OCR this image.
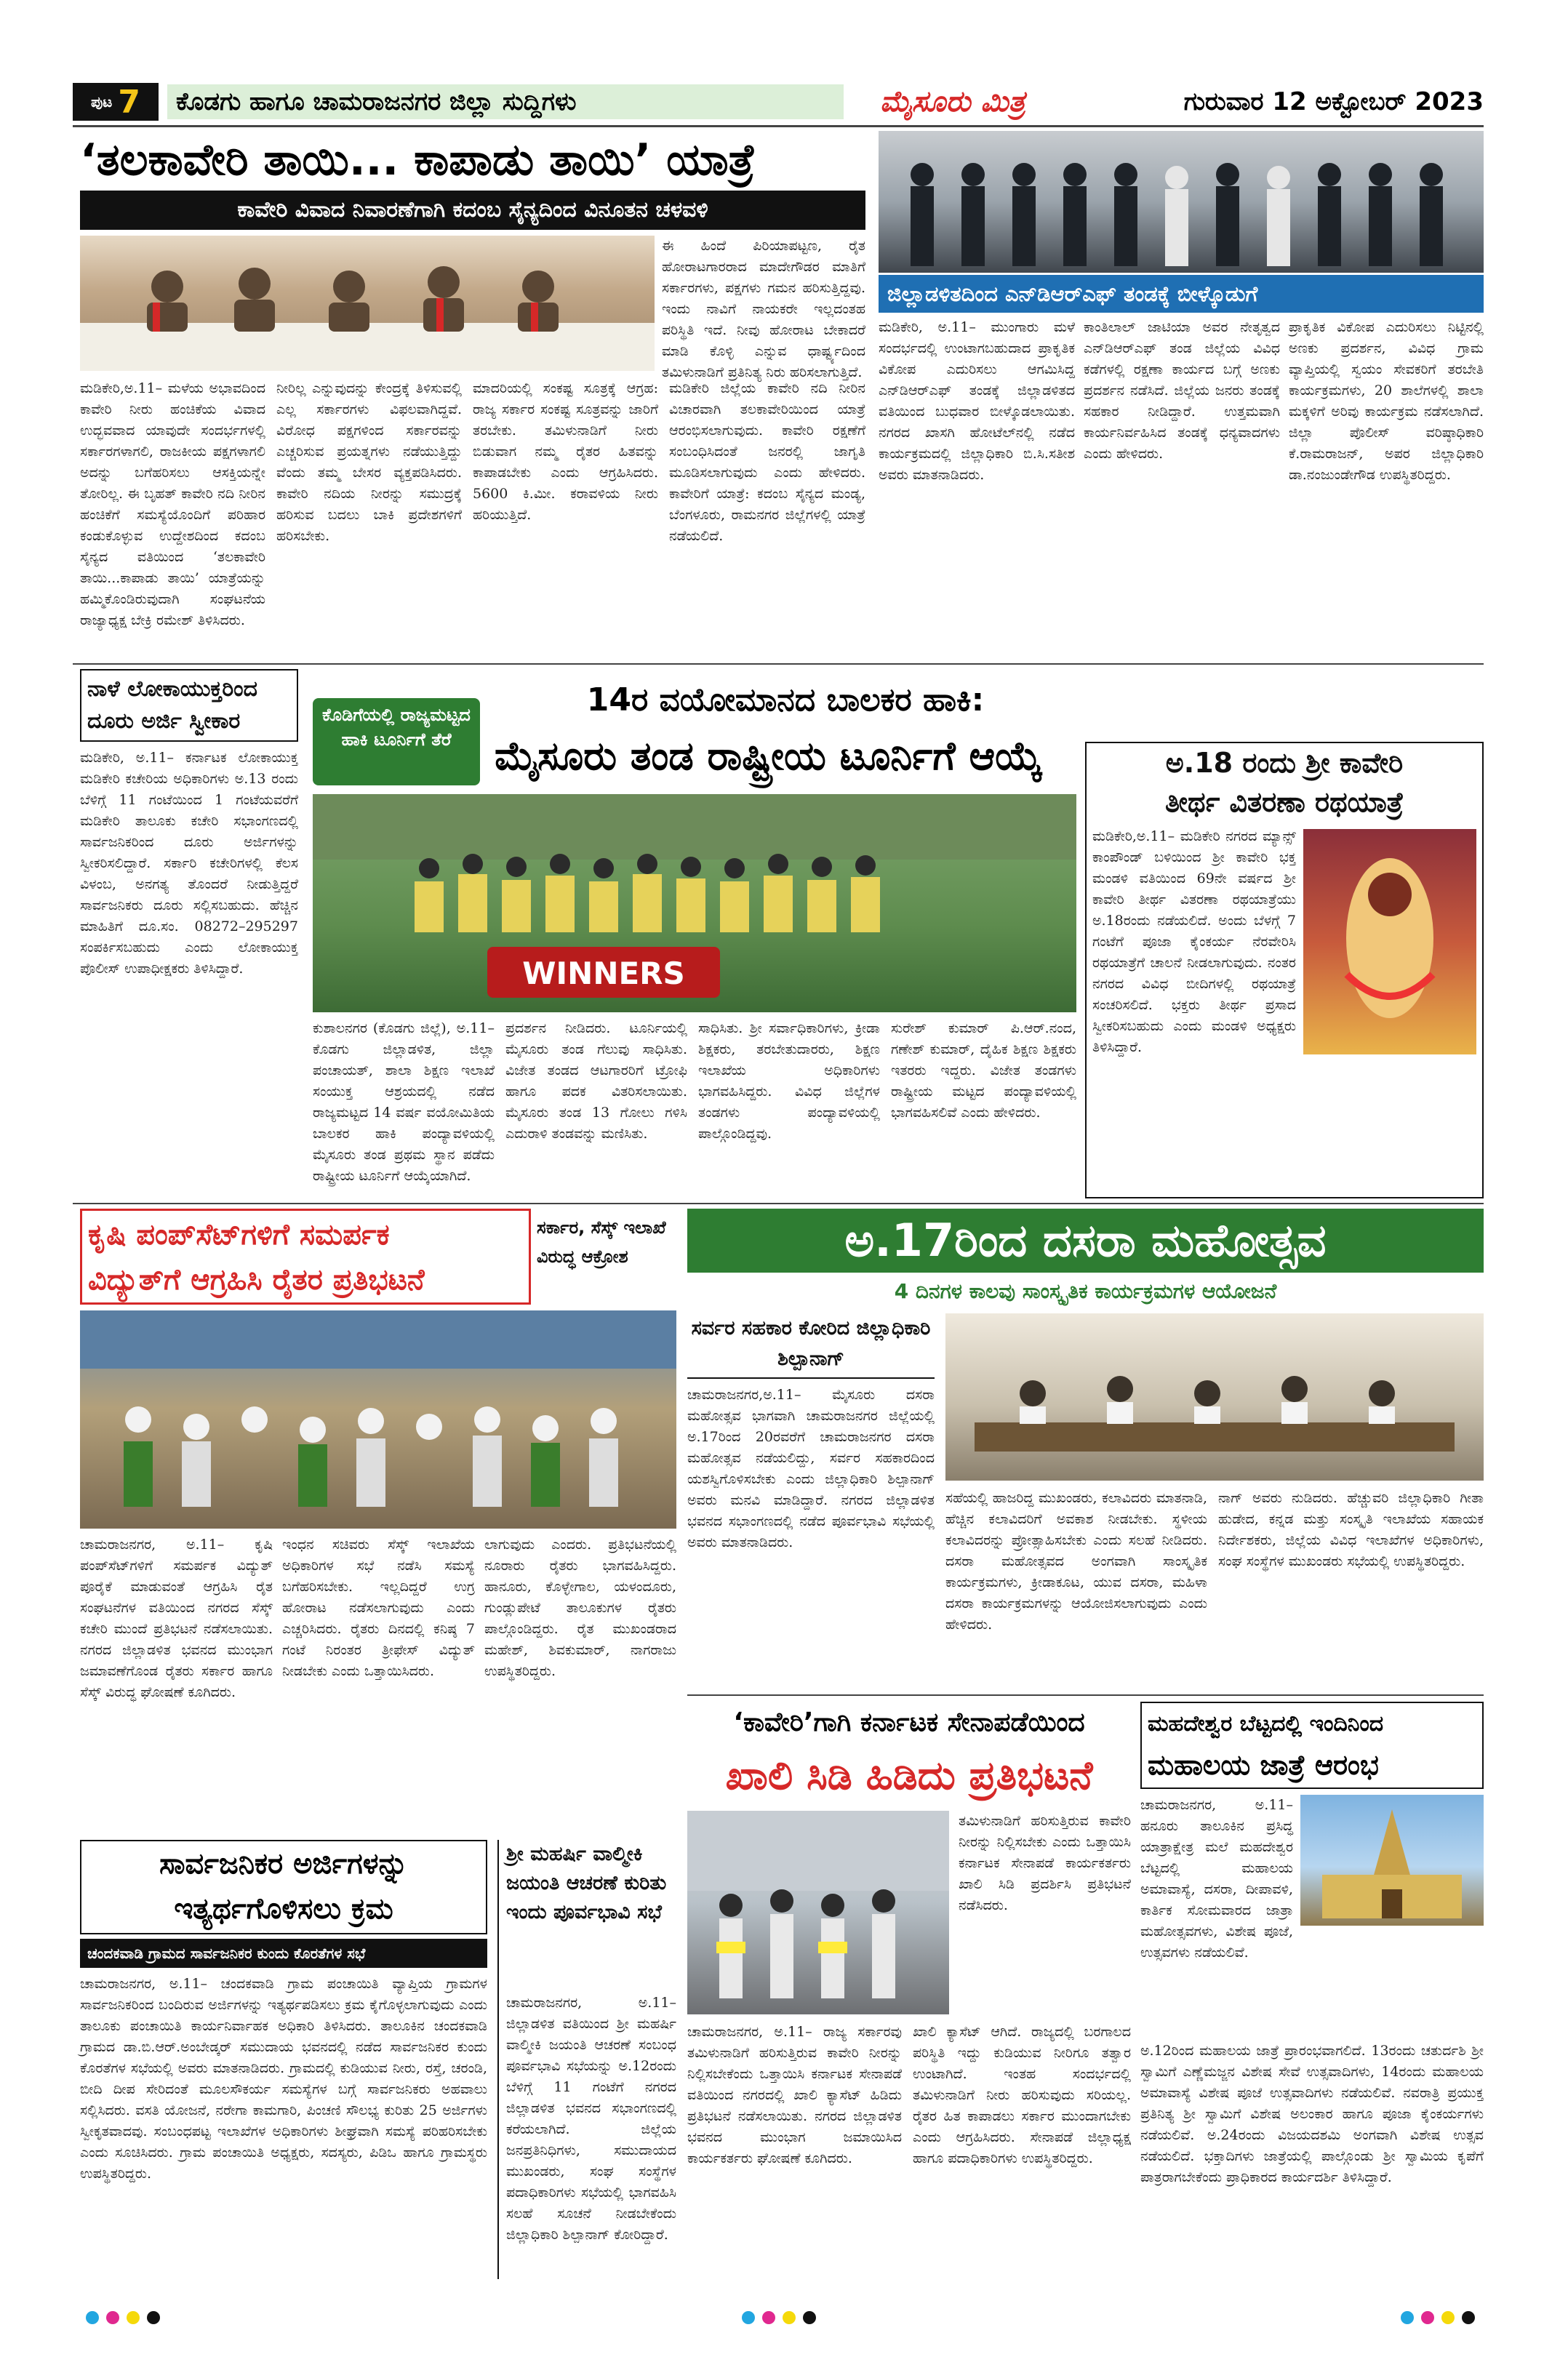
ಪುಟ 7	ಕೊಡಗು ಹಾಗೂ ಚಾಮರಾಜನಗರ ಜಿಲ್ಲಾ ಸುದ್ದಿಗಳು	ಮೈಸೂರು ಮಿತ್ರ	ಗುರುವಾರ 12 ಅಕ್ಟೋಬರ್ 2023
‘ತಲಕಾವೇರಿ ತಾಯಿ... ಕಾಪಾಡು ತಾಯಿ’ ಯಾತ್ರೆ
ಕಾವೇರಿ ವಿವಾದ ನಿವಾರಣೆಗಾಗಿ ಕದಂಬ ಸೈನ್ಯದಿಂದ ವಿನೂತನ ಚಳವಳಿ
ಈ ಹಿಂದೆ ಪಿರಿಯಾಪಟ್ಟಣ, ರೈತ ಹೋರಾಟಗಾರರಾದ ಮಾದೇಗೌಡರ ಮಾತಿಗೆ ಸರ್ಕಾರಗಳು, ಪಕ್ಷಗಳು ಗಮನ ಹರಿಸುತ್ತಿದ್ದವು. ಇಂದು ನಾವಿಗೆ ನಾಯಕರೇ ಇಲ್ಲದಂತಹ ಪರಿಸ್ಥಿತಿ ಇದೆ. ನೀವು ಹೋರಾಟ ಬೇಕಾದರೆ ಮಾಡಿ ಕೊಳ್ಳಿ ಎನ್ನುವ ಧಾರ್ಷ್ಟ್ಯದಿಂದ ತಮಿಳುನಾಡಿಗೆ ಪ್ರತಿನಿತ್ಯ ನಿರು ಹರಿಸಲಾಗುತ್ತಿದೆ.
ಮಡಿಕೇರಿ,ಅ.11– ಮಳೆಯ ಅಭಾವದಿಂದ ಕಾವೇರಿ ನೀರು ಹಂಚಿಕೆಯ ವಿವಾದ ಉದ್ಭವವಾದ ಯಾವುದೇ ಸಂದರ್ಭಗಳಲ್ಲಿ ಸರ್ಕಾರಗಳಾಗಲಿ, ರಾಜಕೀಯ ಪಕ್ಷಗಳಾಗಲಿ ಅದನ್ನು ಬಗೆಹರಿಸಲು ಆಸಕ್ತಿಯನ್ನೇ ತೋರಿಲ್ಲ. ಈ ಬೃಹತ್ ಕಾವೇರಿ ನದಿ ನೀರಿನ ಹಂಚಿಕೆಗೆ ಸಮಸ್ಯೆಯೊಂದಿಗೆ ಪರಿಹಾರ ಕಂಡುಕೊಳ್ಳುವ ಉದ್ದೇಶದಿಂದ ಕದಂಬ ಸೈನ್ಯದ ವತಿಯಿಂದ ‘ತಲಕಾವೇರಿ ತಾಯಿ...ಕಾಪಾಡು ತಾಯಿ’ ಯಾತ್ರೆಯನ್ನು ಹಮ್ಮಿಕೊಂಡಿರುವುದಾಗಿ ಸಂಘಟನೆಯ ರಾಜ್ಯಾಧ್ಯಕ್ಷ ಬೇಕ್ರಿ ರಮೇಶ್ ತಿಳಿಸಿದರು.
ನೀರಿಲ್ಲ ಎನ್ನುವುದನ್ನು ಕೇಂದ್ರಕ್ಕೆ ತಿಳಿಸುವಲ್ಲಿ ಎಲ್ಲ ಸರ್ಕಾರಗಳು ವಿಫಲವಾಗಿದ್ದವೆ. ವಿರೋಧ ಪಕ್ಷಗಳಿಂದ ಸರ್ಕಾರವನ್ನು ಎಚ್ಚರಿಸುವ ಪ್ರಯತ್ನಗಳು ನಡೆಯುತ್ತಿದ್ದು ವೆಂದು ತಮ್ಮ ಬೇಸರ ವ್ಯಕ್ತಪಡಿಸಿದರು. ಕಾವೇರಿ ನದಿಯ ನೀರನ್ನು ಸಮುದ್ರಕ್ಕೆ ಹರಿಸುವ ಬದಲು ಬಾಕಿ ಪ್ರದೇಶಗಳಿಗೆ ಹರಿಸಬೇಕು.
ಮಾದರಿಯಲ್ಲಿ ಸಂಕಷ್ಟ ಸೂತ್ರಕ್ಕೆ ಆಗ್ರಹ: ರಾಜ್ಯ ಸರ್ಕಾರ ಸಂಕಷ್ಟ ಸೂತ್ರವನ್ನು ಜಾರಿಗೆ ತರಬೇಕು. ತಮಿಳುನಾಡಿಗೆ ನೀರು ಬಿಡುವಾಗ ನಮ್ಮ ರೈತರ ಹಿತವನ್ನು ಕಾಪಾಡಬೇಕು ಎಂದು ಆಗ್ರಹಿಸಿದರು. 5600 ಕಿ.ಮೀ. ಕರಾವಳಿಯ ನೀರು ಹರಿಯುತ್ತಿದೆ.
ಮಡಿಕೇರಿ ಜಿಲ್ಲೆಯ ಕಾವೇರಿ ನದಿ ನೀರಿನ ವಿಚಾರವಾಗಿ ತಲಕಾವೇರಿಯಿಂದ ಯಾತ್ರೆ ಆರಂಭಿಸಲಾಗುವುದು. ಕಾವೇರಿ ರಕ್ಷಣೆಗೆ ಸಂಬಂಧಿಸಿದಂತೆ ಜನರಲ್ಲಿ ಜಾಗೃತಿ ಮೂಡಿಸಲಾಗುವುದು ಎಂದು ಹೇಳಿದರು. ಕಾವೇರಿಗೆ ಯಾತ್ರೆ: ಕದಂಬ ಸೈನ್ಯದ ಮಂಡ್ಯ, ಬೆಂಗಳೂರು, ರಾಮನಗರ ಜಿಲ್ಲೆಗಳಲ್ಲಿ ಯಾತ್ರೆ ನಡೆಯಲಿದೆ.
ಜಿಲ್ಲಾಡಳಿತದಿಂದ ಎನ್‌ಡಿಆರ್‌ಎಫ್ ತಂಡಕ್ಕೆ ಬೀಳ್ಕೊಡುಗೆ
ಮಡಿಕೇರಿ, ಅ.11– ಮುಂಗಾರು ಮಳೆ ಸಂದರ್ಭದಲ್ಲಿ ಉಂಟಾಗಬಹುದಾದ ಪ್ರಾಕೃತಿಕ ವಿಕೋಪ ಎದುರಿಸಲು ಆಗಮಿಸಿದ್ದ ಎನ್‌ಡಿಆರ್‌ಎಫ್ ತಂಡಕ್ಕೆ ಜಿಲ್ಲಾಡಳಿತದ ವತಿಯಿಂದ ಬುಧವಾರ ಬೀಳ್ಕೊಡಲಾಯಿತು. ನಗರದ ಖಾಸಗಿ ಹೋಟೆಲ್‌ನಲ್ಲಿ ನಡೆದ ಕಾರ್ಯಕ್ರಮದಲ್ಲಿ ಜಿಲ್ಲಾಧಿಕಾರಿ ಬಿ.ಸಿ.ಸತೀಶ ಅವರು ಮಾತನಾಡಿದರು.
ಕಾಂತಿಲಾಲ್ ಜಾಟಿಯಾ ಅವರ ನೇತೃತ್ವದ ಎನ್‌ಡಿಆರ್‌ಎಫ್ ತಂಡ ಜಿಲ್ಲೆಯ ವಿವಿಧ ಕಡೆಗಳಲ್ಲಿ ರಕ್ಷಣಾ ಕಾರ್ಯದ ಬಗ್ಗೆ ಅಣಕು ಪ್ರದರ್ಶನ ನಡೆಸಿದೆ. ಜಿಲ್ಲೆಯ ಜನರು ತಂಡಕ್ಕೆ ಸಹಕಾರ ನೀಡಿದ್ದಾರೆ. ಉತ್ತಮವಾಗಿ ಕಾರ್ಯನಿರ್ವಹಿಸಿದ ತಂಡಕ್ಕೆ ಧನ್ಯವಾದಗಳು ಎಂದು ಹೇಳಿದರು.
ಪ್ರಾಕೃತಿಕ ವಿಕೋಪ ಎದುರಿಸಲು ನಿಟ್ಟಿನಲ್ಲಿ ಅಣಕು ಪ್ರದರ್ಶನ, ವಿವಿಧ ಗ್ರಾಮ ವ್ಯಾಪ್ತಿಯಲ್ಲಿ ಸ್ವಯಂ ಸೇವಕರಿಗೆ ತರಬೇತಿ ಕಾರ್ಯಕ್ರಮಗಳು, 20 ಶಾಲೆಗಳಲ್ಲಿ ಶಾಲಾ ಮಕ್ಕಳಿಗೆ ಅರಿವು ಕಾರ್ಯಕ್ರಮ ನಡೆಸಲಾಗಿದೆ. ಜಿಲ್ಲಾ ಪೊಲೀಸ್ ವರಿಷ್ಠಾಧಿಕಾರಿ ಕೆ.ರಾಮರಾಜನ್, ಅಪರ ಜಿಲ್ಲಾಧಿಕಾರಿ ಡಾ.ನಂಜುಂಡೇಗೌಡ ಉಪಸ್ಥಿತರಿದ್ದರು.
ನಾಳೆ ಲೋಕಾಯುಕ್ತರಿಂದ ದೂರು ಅರ್ಜಿ ಸ್ವೀಕಾರ
ಮಡಿಕೇರಿ, ಅ.11– ಕರ್ನಾಟಕ ಲೋಕಾಯುಕ್ತ ಮಡಿಕೇರಿ ಕಚೇರಿಯ ಅಧಿಕಾರಿಗಳು ಅ.13 ರಂದು ಬೆಳಿಗ್ಗೆ 11 ಗಂಟೆಯಿಂದ 1 ಗಂಟೆಯವರೆಗೆ ಮಡಿಕೇರಿ ತಾಲೂಕು ಕಚೇರಿ ಸಭಾಂಗಣದಲ್ಲಿ ಸಾರ್ವಜನಿಕರಿಂದ ದೂರು ಅರ್ಜಿಗಳನ್ನು ಸ್ವೀಕರಿಸಲಿದ್ದಾರೆ. ಸರ್ಕಾರಿ ಕಚೇರಿಗಳಲ್ಲಿ ಕೆಲಸ ವಿಳಂಬ, ಅನಗತ್ಯ ತೊಂದರೆ ನೀಡುತ್ತಿದ್ದರೆ ಸಾರ್ವಜನಿಕರು ದೂರು ಸಲ್ಲಿಸಬಹುದು. ಹೆಚ್ಚಿನ ಮಾಹಿತಿಗೆ ದೂ.ಸಂ. 08272–295297 ಸಂಪರ್ಕಿಸಬಹುದು ಎಂದು ಲೋಕಾಯುಕ್ತ ಪೊಲೀಸ್ ಉಪಾಧೀಕ್ಷಕರು ತಿಳಿಸಿದ್ದಾರೆ.
ಕೊಡಿಗೆಯಲ್ಲಿ ರಾಜ್ಯಮಟ್ಟದ ಹಾಕಿ ಟೂರ್ನಿಗೆ ತೆರೆ
14ರ ವಯೋಮಾನದ ಬಾಲಕರ ಹಾಕಿ:
ಮೈಸೂರು ತಂಡ ರಾಷ್ಟ್ರೀಯ ಟೂರ್ನಿಗೆ ಆಯ್ಕೆ
WINNERS
ಕುಶಾಲನಗರ (ಕೊಡಗು ಜಿಲ್ಲೆ), ಅ.11– ಕೊಡಗು ಜಿಲ್ಲಾಡಳಿತ, ಜಿಲ್ಲಾ ಪಂಚಾಯತ್, ಶಾಲಾ ಶಿಕ್ಷಣ ಇಲಾಖೆ ಸಂಯುಕ್ತ ಆಶ್ರಯದಲ್ಲಿ ನಡೆದ ರಾಜ್ಯಮಟ್ಟದ 14 ವರ್ಷ ವಯೋಮಿತಿಯ ಬಾಲಕರ ಹಾಕಿ ಪಂದ್ಯಾವಳಿಯಲ್ಲಿ ಮೈಸೂರು ತಂಡ ಪ್ರಥಮ ಸ್ಥಾನ ಪಡೆದು ರಾಷ್ಟ್ರೀಯ ಟೂರ್ನಿಗೆ ಆಯ್ಕೆಯಾಗಿದೆ.
ಪ್ರದರ್ಶನ ನೀಡಿದರು. ಟೂರ್ನಿಯಲ್ಲಿ ಮೈಸೂರು ತಂಡ ಗೆಲುವು ಸಾಧಿಸಿತು. ವಿಜೇತ ತಂಡದ ಆಟಗಾರರಿಗೆ ಟ್ರೋಫಿ ಹಾಗೂ ಪದಕ ವಿತರಿಸಲಾಯಿತು. ಮೈಸೂರು ತಂಡ 13 ಗೋಲು ಗಳಿಸಿ ಎದುರಾಳಿ ತಂಡವನ್ನು ಮಣಿಸಿತು.
ಸಾಧಿಸಿತು. ಶ್ರೀ ಸರ್ವಾಧಿಕಾರಿಗಳು, ಕ್ರೀಡಾ ಶಿಕ್ಷಕರು, ತರಬೇತುದಾರರು, ಶಿಕ್ಷಣ ಇಲಾಖೆಯ ಅಧಿಕಾರಿಗಳು ಭಾಗವಹಿಸಿದ್ದರು. ವಿವಿಧ ಜಿಲ್ಲೆಗಳ ತಂಡಗಳು ಪಂದ್ಯಾವಳಿಯಲ್ಲಿ ಪಾಲ್ಗೊಂಡಿದ್ದವು.
ಸುರೇಶ್ ಕುಮಾರ್ ಪಿ.ಆರ್.ನಂದ, ಗಣೇಶ್ ಕುಮಾರ್, ದೈಹಿಕ ಶಿಕ್ಷಣ ಶಿಕ್ಷಕರು ಇತರರು ಇದ್ದರು. ವಿಜೇತ ತಂಡಗಳು ರಾಷ್ಟ್ರೀಯ ಮಟ್ಟದ ಪಂದ್ಯಾವಳಿಯಲ್ಲಿ ಭಾಗವಹಿಸಲಿವೆ ಎಂದು ಹೇಳಿದರು.
ಅ.18 ರಂದು ಶ್ರೀ ಕಾವೇರಿ
ತೀರ್ಥ ವಿತರಣಾ ರಥಯಾತ್ರೆ
ಮಡಿಕೇರಿ,ಅ.11– ಮಡಿಕೇರಿ ನಗರದ ಮ್ಯಾನ್ಸ್ ಕಾಂಪೌಂಡ್ ಬಳಿಯಿಂದ ಶ್ರೀ ಕಾವೇರಿ ಭಕ್ತ ಮಂಡಳಿ ವತಿಯಿಂದ 69ನೇ ವರ್ಷದ ಶ್ರೀ ಕಾವೇರಿ ತೀರ್ಥ ವಿತರಣಾ ರಥಯಾತ್ರೆಯು ಅ.18ರಂದು ನಡೆಯಲಿದೆ. ಅಂದು ಬೆಳಗ್ಗೆ 7 ಗಂಟೆಗೆ ಪೂಜಾ ಕೈಂಕರ್ಯ ನೆರವೇರಿಸಿ ರಥಯಾತ್ರೆಗೆ ಚಾಲನೆ ನೀಡಲಾಗುವುದು. ನಂತರ ನಗರದ ವಿವಿಧ ಬೀದಿಗಳಲ್ಲಿ ರಥಯಾತ್ರೆ ಸಂಚರಿಸಲಿದೆ. ಭಕ್ತರು ತೀರ್ಥ ಪ್ರಸಾದ ಸ್ವೀಕರಿಸಬಹುದು ಎಂದು ಮಂಡಳಿ ಅಧ್ಯಕ್ಷರು ತಿಳಿಸಿದ್ದಾರೆ.
ಕೃಷಿ ಪಂಪ್‌ಸೆಟ್‌ಗಳಿಗೆ ಸಮರ್ಪಕ
ವಿದ್ಯುತ್‌ಗೆ ಆಗ್ರಹಿಸಿ ರೈತರ ಪ್ರತಿಭಟನೆ
ಸರ್ಕಾರ, ಸೆಸ್ಕ್ ಇಲಾಖೆ ವಿರುದ್ಧ ಆಕ್ರೋಶ
ಚಾಮರಾಜನಗರ, ಅ.11– ಕೃಷಿ ಪಂಪ್‌ಸೆಟ್‌ಗಳಿಗೆ ಸಮರ್ಪಕ ವಿದ್ಯುತ್ ಪೂರೈಕೆ ಮಾಡುವಂತೆ ಆಗ್ರಹಿಸಿ ರೈತ ಸಂಘಟನೆಗಳ ವತಿಯಿಂದ ನಗರದ ಸೆಸ್ಕ್ ಕಚೇರಿ ಮುಂದೆ ಪ್ರತಿಭಟನೆ ನಡೆಸಲಾಯಿತು. ನಗರದ ಜಿಲ್ಲಾಡಳಿತ ಭವನದ ಮುಂಭಾಗ ಜಮಾವಣೆಗೊಂಡ ರೈತರು ಸರ್ಕಾರ ಹಾಗೂ ಸೆಸ್ಕ್ ವಿರುದ್ಧ ಘೋಷಣೆ ಕೂಗಿದರು.
ಇಂಧನ ಸಚಿವರು ಸೆಸ್ಕ್ ಇಲಾಖೆಯ ಅಧಿಕಾರಿಗಳ ಸಭೆ ನಡೆಸಿ ಸಮಸ್ಯೆ ಬಗೆಹರಿಸಬೇಕು. ಇಲ್ಲದಿದ್ದರೆ ಉಗ್ರ ಹೋರಾಟ ನಡೆಸಲಾಗುವುದು ಎಂದು ಎಚ್ಚರಿಸಿದರು. ರೈತರು ದಿನದಲ್ಲಿ ಕನಿಷ್ಠ 7 ಗಂಟೆ ನಿರಂತರ ತ್ರೀಫೇಸ್ ವಿದ್ಯುತ್ ನೀಡಬೇಕು ಎಂದು ಒತ್ತಾಯಿಸಿದರು.
ಲಾಗುವುದು ಎಂದರು. ಪ್ರತಿಭಟನೆಯಲ್ಲಿ ನೂರಾರು ರೈತರು ಭಾಗವಹಿಸಿದ್ದರು. ಹಾನೂರು, ಕೊಳ್ಳೇಗಾಲ, ಯಳಂದೂರು, ಗುಂಡ್ಲುಪೇಟೆ ತಾಲೂಕುಗಳ ರೈತರು ಪಾಲ್ಗೊಂಡಿದ್ದರು. ರೈತ ಮುಖಂಡರಾದ ಮಹೇಶ್, ಶಿವಕುಮಾರ್, ನಾಗರಾಜು ಉಪಸ್ಥಿತರಿದ್ದರು.
ಅ.17ರಿಂದ ದಸರಾ ಮಹೋತ್ಸವ
4 ದಿನಗಳ ಕಾಲವು ಸಾಂಸ್ಕೃತಿಕ ಕಾರ್ಯಕ್ರಮಗಳ ಆಯೋಜನೆ
ಸರ್ವರ ಸಹಕಾರ ಕೋರಿದ ಜಿಲ್ಲಾಧಿಕಾರಿ ಶಿಲ್ಪಾನಾಗ್
ಚಾಮರಾಜನಗರ,ಅ.11– ಮೈಸೂರು ದಸರಾ ಮಹೋತ್ಸವ ಭಾಗವಾಗಿ ಚಾಮರಾಜನಗರ ಜಿಲ್ಲೆಯಲ್ಲಿ ಅ.17ರಿಂದ 20ರವರೆಗೆ ಚಾಮರಾಜನಗರ ದಸರಾ ಮಹೋತ್ಸವ ನಡೆಯಲಿದ್ದು, ಸರ್ವರ ಸಹಕಾರದಿಂದ ಯಶಸ್ವಿಗೊಳಿಸಬೇಕು ಎಂದು ಜಿಲ್ಲಾಧಿಕಾರಿ ಶಿಲ್ಪಾನಾಗ್ ಅವರು ಮನವಿ ಮಾಡಿದ್ದಾರೆ. ನಗರದ ಜಿಲ್ಲಾಡಳಿತ ಭವನದ ಸಭಾಂಗಣದಲ್ಲಿ ನಡೆದ ಪೂರ್ವಭಾವಿ ಸಭೆಯಲ್ಲಿ ಅವರು ಮಾತನಾಡಿದರು.
ಸಹೆಯಲ್ಲಿ ಹಾಜರಿದ್ದ ಮುಖಂಡರು, ಕಲಾವಿದರು ಮಾತನಾಡಿ, ಹೆಚ್ಚಿನ ಕಲಾವಿದರಿಗೆ ಅವಕಾಶ ನೀಡಬೇಕು. ಸ್ಥಳೀಯ ಕಲಾವಿದರನ್ನು ಪ್ರೋತ್ಸಾಹಿಸಬೇಕು ಎಂದು ಸಲಹೆ ನೀಡಿದರು. ದಸರಾ ಮಹೋತ್ಸವದ ಅಂಗವಾಗಿ ಸಾಂಸ್ಕೃತಿಕ ಕಾರ್ಯಕ್ರಮಗಳು, ಕ್ರೀಡಾಕೂಟ, ಯುವ ದಸರಾ, ಮಹಿಳಾ ದಸರಾ ಕಾರ್ಯಕ್ರಮಗಳನ್ನು ಆಯೋಜಿಸಲಾಗುವುದು ಎಂದು ಹೇಳಿದರು.
ನಾಗ್ ಅವರು ನುಡಿದರು. ಹೆಚ್ಚುವರಿ ಜಿಲ್ಲಾಧಿಕಾರಿ ಗೀತಾ ಹುಡೇದ, ಕನ್ನಡ ಮತ್ತು ಸಂಸ್ಕೃತಿ ಇಲಾಖೆಯ ಸಹಾಯಕ ನಿರ್ದೇಶಕರು, ಜಿಲ್ಲೆಯ ವಿವಿಧ ಇಲಾಖೆಗಳ ಅಧಿಕಾರಿಗಳು, ಸಂಘ ಸಂಸ್ಥೆಗಳ ಮುಖಂಡರು ಸಭೆಯಲ್ಲಿ ಉಪಸ್ಥಿತರಿದ್ದರು.
ಸಾರ್ವಜನಿಕರ ಅರ್ಜಿಗಳನ್ನು
ಇತ್ಯರ್ಥಗೊಳಿಸಲು ಕ್ರಮ
ಚಂದಕವಾಡಿ ಗ್ರಾಮದ ಸಾರ್ವಜನಿಕರ ಕುಂದು ಕೊರತೆಗಳ ಸಭೆ
ಚಾಮರಾಜನಗರ, ಅ.11– ಚಂದಕವಾಡಿ ಗ್ರಾಮ ಪಂಚಾಯಿತಿ ವ್ಯಾಪ್ತಿಯ ಗ್ರಾಮಗಳ ಸಾರ್ವಜನಿಕರಿಂದ ಬಂದಿರುವ ಅರ್ಜಿಗಳನ್ನು ಇತ್ಯರ್ಥಪಡಿಸಲು ಕ್ರಮ ಕೈಗೊಳ್ಳಲಾಗುವುದು ಎಂದು ತಾಲೂಕು ಪಂಚಾಯಿತಿ ಕಾರ್ಯನಿರ್ವಾಹಕ ಅಧಿಕಾರಿ ತಿಳಿಸಿದರು. ತಾಲೂಕಿನ ಚಂದಕವಾಡಿ ಗ್ರಾಮದ ಡಾ.ಬಿ.ಆರ್.ಅಂಬೇಡ್ಕರ್ ಸಮುದಾಯ ಭವನದಲ್ಲಿ ನಡೆದ ಸಾರ್ವಜನಿಕರ ಕುಂದು ಕೊರತೆಗಳ ಸಭೆಯಲ್ಲಿ ಅವರು ಮಾತನಾಡಿದರು. ಗ್ರಾಮದಲ್ಲಿ ಕುಡಿಯುವ ನೀರು, ರಸ್ತೆ, ಚರಂಡಿ, ಬೀದಿ ದೀಪ ಸೇರಿದಂತೆ ಮೂಲಸೌಕರ್ಯ ಸಮಸ್ಯೆಗಳ ಬಗ್ಗೆ ಸಾರ್ವಜನಿಕರು ಅಹವಾಲು ಸಲ್ಲಿಸಿದರು. ವಸತಿ ಯೋಜನೆ, ನರೇಗಾ ಕಾಮಗಾರಿ, ಪಿಂಚಣಿ ಸೌಲಭ್ಯ ಕುರಿತು 25 ಅರ್ಜಿಗಳು ಸ್ವೀಕೃತವಾದವು. ಸಂಬಂಧಪಟ್ಟ ಇಲಾಖೆಗಳ ಅಧಿಕಾರಿಗಳು ಶೀಘ್ರವಾಗಿ ಸಮಸ್ಯೆ ಪರಿಹರಿಸಬೇಕು ಎಂದು ಸೂಚಿಸಿದರು. ಗ್ರಾಮ ಪಂಚಾಯಿತಿ ಅಧ್ಯಕ್ಷರು, ಸದಸ್ಯರು, ಪಿಡಿಒ ಹಾಗೂ ಗ್ರಾಮಸ್ಥರು ಉಪಸ್ಥಿತರಿದ್ದರು.
ಶ್ರೀ ಮಹರ್ಷಿ ವಾಲ್ಮೀಕಿ ಜಯಂತಿ ಆಚರಣೆ ಕುರಿತು ಇಂದು ಪೂರ್ವಭಾವಿ ಸಭೆ
ಚಾಮರಾಜನಗರ, ಅ.11– ಜಿಲ್ಲಾಡಳಿತ ವತಿಯಿಂದ ಶ್ರೀ ಮಹರ್ಷಿ ವಾಲ್ಮೀಕಿ ಜಯಂತಿ ಆಚರಣೆ ಸಂಬಂಧ ಪೂರ್ವಭಾವಿ ಸಭೆಯನ್ನು ಅ.12ರಂದು ಬೆಳಿಗ್ಗೆ 11 ಗಂಟೆಗೆ ನಗರದ ಜಿಲ್ಲಾಡಳಿತ ಭವನದ ಸಭಾಂಗಣದಲ್ಲಿ ಕರೆಯಲಾಗಿದೆ. ಜಿಲ್ಲೆಯ ಜನಪ್ರತಿನಿಧಿಗಳು, ಸಮುದಾಯದ ಮುಖಂಡರು, ಸಂಘ ಸಂಸ್ಥೆಗಳ ಪದಾಧಿಕಾರಿಗಳು ಸಭೆಯಲ್ಲಿ ಭಾಗವಹಿಸಿ ಸಲಹೆ ಸೂಚನೆ ನೀಡಬೇಕೆಂದು ಜಿಲ್ಲಾಧಿಕಾರಿ ಶಿಲ್ಪಾನಾಗ್ ಕೋರಿದ್ದಾರೆ.
‘ಕಾವೇರಿ’ಗಾಗಿ ಕರ್ನಾಟಕ ಸೇನಾಪಡೆಯಿಂದ
ಖಾಲಿ ಸಿಡಿ ಹಿಡಿದು ಪ್ರತಿಭಟನೆ
ತಮಿಳುನಾಡಿಗೆ ಹರಿಸುತ್ತಿರುವ ಕಾವೇರಿ ನೀರನ್ನು ನಿಲ್ಲಿಸಬೇಕು ಎಂದು ಒತ್ತಾಯಿಸಿ ಕರ್ನಾಟಕ ಸೇನಾಪಡೆ ಕಾರ್ಯಕರ್ತರು ಖಾಲಿ ಸಿಡಿ ಪ್ರದರ್ಶಿಸಿ ಪ್ರತಿಭಟನೆ ನಡೆಸಿದರು.
ಚಾಮರಾಜನಗರ, ಅ.11– ರಾಜ್ಯ ಸರ್ಕಾರವು ತಮಿಳುನಾಡಿಗೆ ಹರಿಸುತ್ತಿರುವ ಕಾವೇರಿ ನೀರನ್ನು ನಿಲ್ಲಿಸಬೇಕೆಂದು ಒತ್ತಾಯಿಸಿ ಕರ್ನಾಟಕ ಸೇನಾಪಡೆ ವತಿಯಿಂದ ನಗರದಲ್ಲಿ ಖಾಲಿ ಕ್ಯಾಸೆಟ್ ಹಿಡಿದು ಪ್ರತಿಭಟನೆ ನಡೆಸಲಾಯಿತು. ನಗರದ ಜಿಲ್ಲಾಡಳಿತ ಭವನದ ಮುಂಭಾಗ ಜಮಾಯಿಸಿದ ಕಾರ್ಯಕರ್ತರು ಘೋಷಣೆ ಕೂಗಿದರು.
ಖಾಲಿ ಕ್ಯಾಸೆಟ್ ಆಗಿದೆ. ರಾಜ್ಯದಲ್ಲಿ ಬರಗಾಲದ ಪರಿಸ್ಥಿತಿ ಇದ್ದು ಕುಡಿಯುವ ನೀರಿಗೂ ತತ್ವಾರ ಉಂಟಾಗಿದೆ. ಇಂತಹ ಸಂದರ್ಭದಲ್ಲಿ ತಮಿಳುನಾಡಿಗೆ ನೀರು ಹರಿಸುವುದು ಸರಿಯಲ್ಲ. ರೈತರ ಹಿತ ಕಾಪಾಡಲು ಸರ್ಕಾರ ಮುಂದಾಗಬೇಕು ಎಂದು ಆಗ್ರಹಿಸಿದರು. ಸೇನಾಪಡೆ ಜಿಲ್ಲಾಧ್ಯಕ್ಷ ಹಾಗೂ ಪದಾಧಿಕಾರಿಗಳು ಉಪಸ್ಥಿತರಿದ್ದರು.
ಮಹದೇಶ್ವರ ಬೆಟ್ಟದಲ್ಲಿ ಇಂದಿನಿಂದ
ಮಹಾಲಯ ಜಾತ್ರೆ ಆರಂಭ
ಚಾಮರಾಜನಗರ, ಅ.11– ಹನೂರು ತಾಲೂಕಿನ ಪ್ರಸಿದ್ಧ ಯಾತ್ರಾಕ್ಷೇತ್ರ ಮಲೆ ಮಹದೇಶ್ವರ ಬೆಟ್ಟದಲ್ಲಿ ಮಹಾಲಯ ಅಮಾವಾಸ್ಯೆ, ದಸರಾ, ದೀಪಾವಳಿ, ಕಾರ್ತಿಕ ಸೋಮವಾರದ ಜಾತ್ರಾ ಮಹೋತ್ಸವಗಳು, ವಿಶೇಷ ಪೂಜೆ, ಉತ್ಸವಗಳು ನಡೆಯಲಿವೆ.
ಅ.12ರಿಂದ ಮಹಾಲಯ ಜಾತ್ರೆ ಪ್ರಾರಂಭವಾಗಲಿದೆ. 13ರಂದು ಚತುರ್ದಶಿ ಶ್ರೀ ಸ್ವಾಮಿಗೆ ಎಣ್ಣೆಮಜ್ಜನ ವಿಶೇಷ ಸೇವೆ ಉತ್ಸವಾದಿಗಳು, 14ರಂದು ಮಹಾಲಯ ಅಮಾವಾಸ್ಯೆ ವಿಶೇಷ ಪೂಜೆ ಉತ್ಸವಾದಿಗಳು ನಡೆಯಲಿವೆ. ನವರಾತ್ರಿ ಪ್ರಯುಕ್ತ ಪ್ರತಿನಿತ್ಯ ಶ್ರೀ ಸ್ವಾಮಿಗೆ ವಿಶೇಷ ಅಲಂಕಾರ ಹಾಗೂ ಪೂಜಾ ಕೈಂಕರ್ಯಗಳು ನಡೆಯಲಿವೆ. ಅ.24ರಂದು ವಿಜಯದಶಮಿ ಅಂಗವಾಗಿ ವಿಶೇಷ ಉತ್ಸವ ನಡೆಯಲಿದೆ. ಭಕ್ತಾದಿಗಳು ಜಾತ್ರೆಯಲ್ಲಿ ಪಾಲ್ಗೊಂಡು ಶ್ರೀ ಸ್ವಾಮಿಯ ಕೃಪೆಗೆ ಪಾತ್ರರಾಗಬೇಕೆಂದು ಪ್ರಾಧಿಕಾರದ ಕಾರ್ಯದರ್ಶಿ ತಿಳಿಸಿದ್ದಾರೆ.
